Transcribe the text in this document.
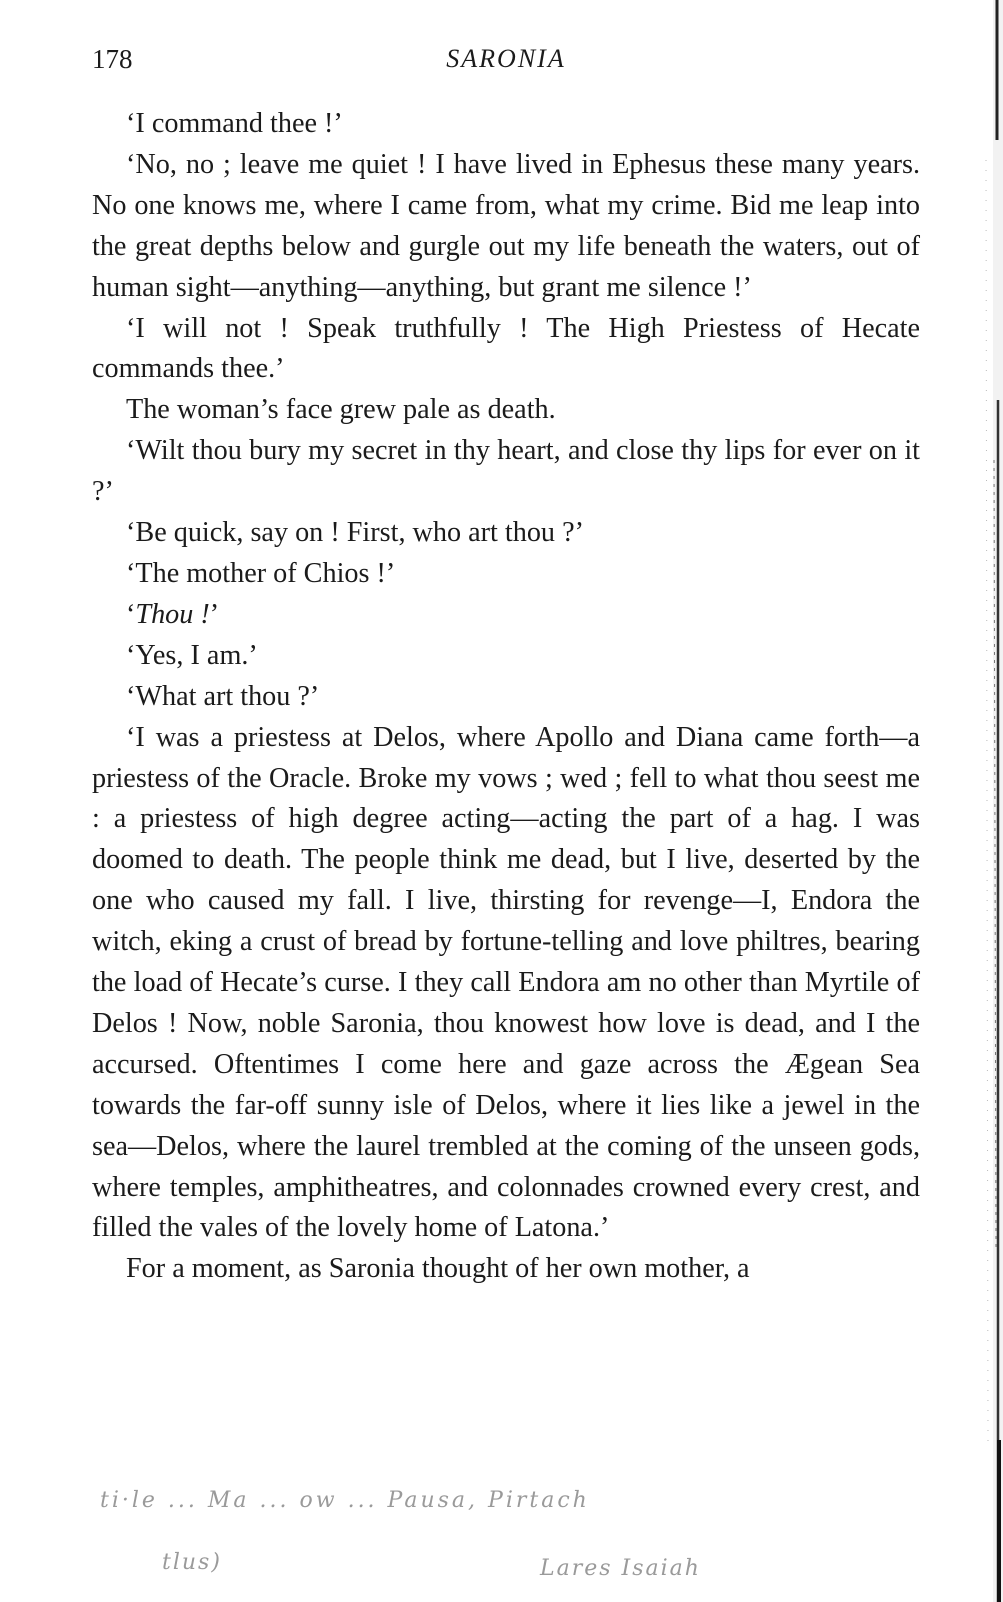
178	SARONIA

‘I command thee !’

‘No, no ; leave me quiet ! I have lived in Ephesus these many years. No one knows me, where I came from, what my crime. Bid me leap into the great depths below and gurgle out my life beneath the waters, out of human sight—anything—anything, but grant me silence !’

‘I will not ! Speak truthfully ! The High Priestess of Hecate commands thee.’

The woman’s face grew pale as death.

‘Wilt thou bury my secret in thy heart, and close thy lips for ever on it ?’

‘Be quick, say on ! First, who art thou ?’

‘The mother of Chios !’

‘Thou !’

‘Yes, I am.’

‘What art thou ?’

‘I was a priestess at Delos, where Apollo and Diana came forth—a priestess of the Oracle. Broke my vows ; wed ; fell to what thou seest me : a priestess of high degree acting—acting the part of a hag. I was doomed to death. The people think me dead, but I live, deserted by the one who caused my fall. I live, thirsting for revenge—I, Endora the witch, eking a crust of bread by fortune-telling and love philtres, bearing the load of Hecate’s curse. I they call Endora am no other than Myrtile of Delos ! Now, noble Saronia, thou knowest how love is dead, and I the accursed. Oftentimes I come here and gaze across the Ægean Sea towards the far-off sunny isle of Delos, where it lies like a jewel in the sea—Delos, where the laurel trembled at the coming of the unseen gods, where temples, amphitheatres, and colonnades crowned every crest, and filled the vales of the lovely home of Latona.’

For a moment, as Saronia thought of her own mother, a

ti·le ... Ma ... ow ... Pausa, Pirtach
tlus)	Lares Isaiah
